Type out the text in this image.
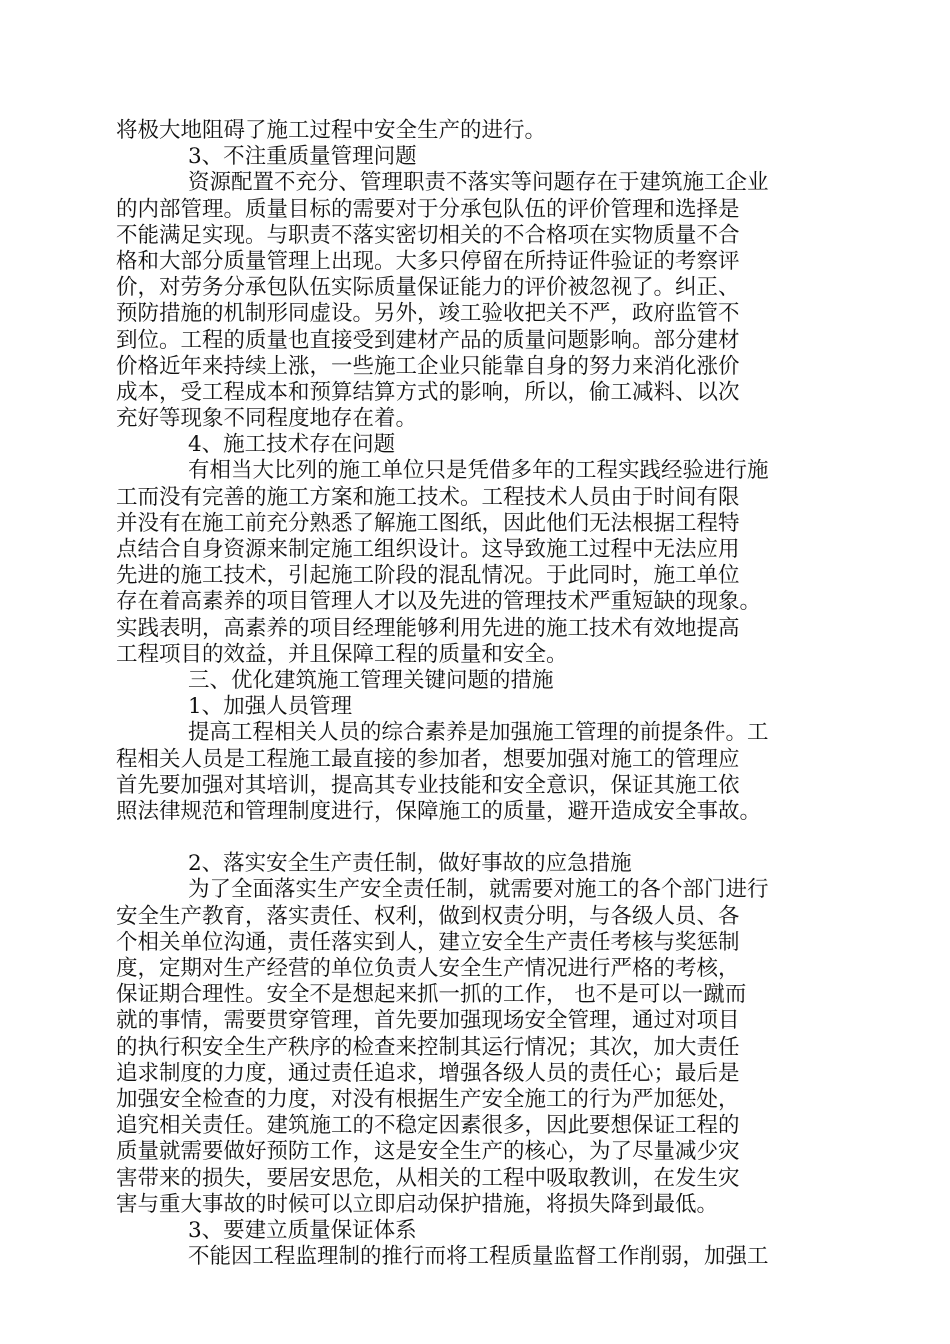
将极大地阻碍了施工过程中安全生产的进行。
3、不注重质量管理问题
资源配置不充分、管理职责不落实等问题存在于建筑施工企业
的内部管理。质量目标的需要对于分承包队伍的评价管理和选择是
不能满足实现。与职责不落实密切相关的不合格项在实物质量不合
格和大部分质量管理上出现。大多只停留在所持证件验证的考察评
价，对劳务分承包队伍实际质量保证能力的评价被忽视了。纠正、
预防措施的机制形同虚设。另外，竣工验收把关不严，政府监管不
到位。工程的质量也直接受到建材产品的质量问题影响。部分建材
价格近年来持续上涨，一些施工企业只能靠自身的努力来消化涨价
成本，受工程成本和预算结算方式的影响，所以，偷工减料、以次
充好等现象不同程度地存在着。
4、施工技术存在问题
有相当大比列的施工单位只是凭借多年的工程实践经验进行施
工而没有完善的施工方案和施工技术。工程技术人员由于时间有限
并没有在施工前充分熟悉了解施工图纸，因此他们无法根据工程特
点结合自身资源来制定施工组织设计。这导致施工过程中无法应用
先进的施工技术，引起施工阶段的混乱情况。于此同时，施工单位
存在着高素养的项目管理人才以及先进的管理技术严重短缺的现象。
实践表明，高素养的项目经理能够利用先进的施工技术有效地提高
工程项目的效益，并且保障工程的质量和安全。
三、优化建筑施工管理关键问题的措施
1、加强人员管理
提高工程相关人员的综合素养是加强施工管理的前提条件。工
程相关人员是工程施工最直接的参加者，想要加强对施工的管理应
首先要加强对其培训，提高其专业技能和安全意识，保证其施工依
照法律规范和管理制度进行，保障施工的质量，避开造成安全事故。
2、落实安全生产责任制，做好事故的应急措施
为了全面落实生产安全责任制，就需要对施工的各个部门进行
安全生产教育，落实责任、权利，做到权责分明，与各级人员、各
个相关单位沟通，责任落实到人，建立安全生产责任考核与奖惩制
度，定期对生产经营的单位负责人安全生产情况进行严格的考核，
保证期合理性。安全不是想起来抓一抓的工作， 也不是可以一蹴而
就的事情，需要贯穿管理，首先要加强现场安全管理，通过对项目
的执行积安全生产秩序的检查来控制其运行情况；其次，加大责任
追求制度的力度，通过责任追求，增强各级人员的责任心；最后是
加强安全检查的力度，对没有根据生产安全施工的行为严加惩处，
追究相关责任。建筑施工的不稳定因素很多，因此要想保证工程的
质量就需要做好预防工作，这是安全生产的核心，为了尽量减少灾
害带来的损失，要居安思危，从相关的工程中吸取教训，在发生灾
害与重大事故的时候可以立即启动保护措施，将损失降到最低。
3、要建立质量保证体系
不能因工程监理制的推行而将工程质量监督工作削弱，加强工
